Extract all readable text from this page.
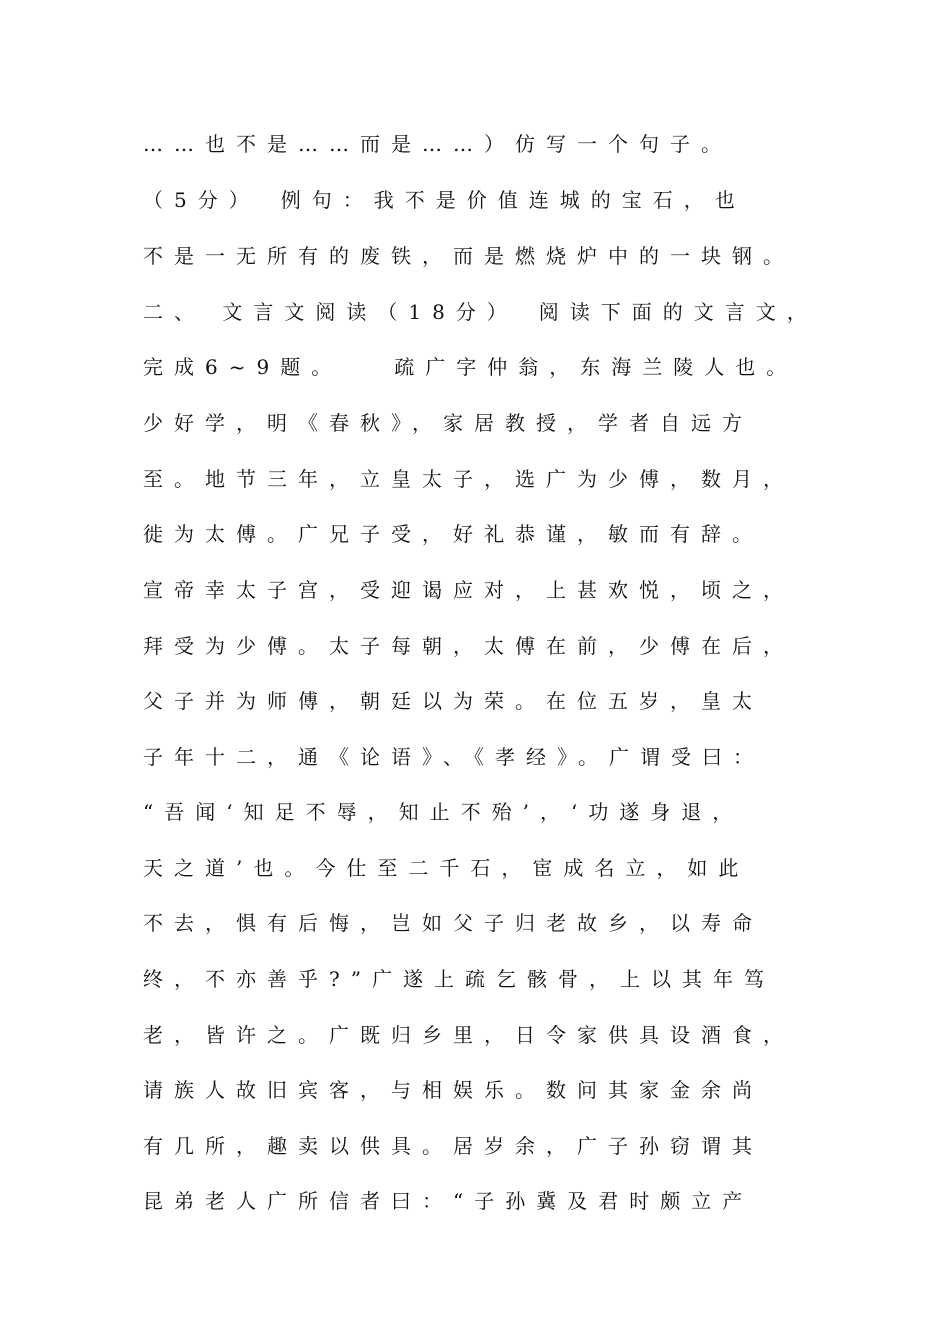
……也不是……而是……）仿写一个句子。
（5分）　例句：我不是价值连城的宝石，也
不是一无所有的废铁，而是燃烧炉中的一块钢。
二、 文言文阅读（18分）　阅读下面的文言文，
完成6~9题。　　疏广字仲翁，东海兰陵人也。
少好学，明《春秋》，家居教授，学者自远方
至。地节三年，立皇太子，选广为少傅，数月，
徙为太傅。广兄子受，好礼恭谨，敏而有辞。
宣帝幸太子宫，受迎谒应对，上甚欢悦，顷之，
拜受为少傅。太子每朝，太傅在前，少傅在后，
父子并为师傅，朝廷以为荣。在位五岁，皇太
子年十二，通《论语》、《孝经》。广谓受曰：
“吾闻‘知足不辱，知止不殆’，‘功遂身退，
天之道’也。今仕至二千石，宦成名立，如此
不去，惧有后悔，岂如父子归老故乡，以寿命
终，不亦善乎?”广遂上疏乞骸骨，上以其年笃
老，皆许之。广既归乡里，日令家供具设酒食，
请族人故旧宾客，与相娱乐。数问其家金余尚
有几所，趣卖以供具。居岁余，广子孙窃谓其
昆弟老人广所信者曰：“子孙冀及君时颇立产
